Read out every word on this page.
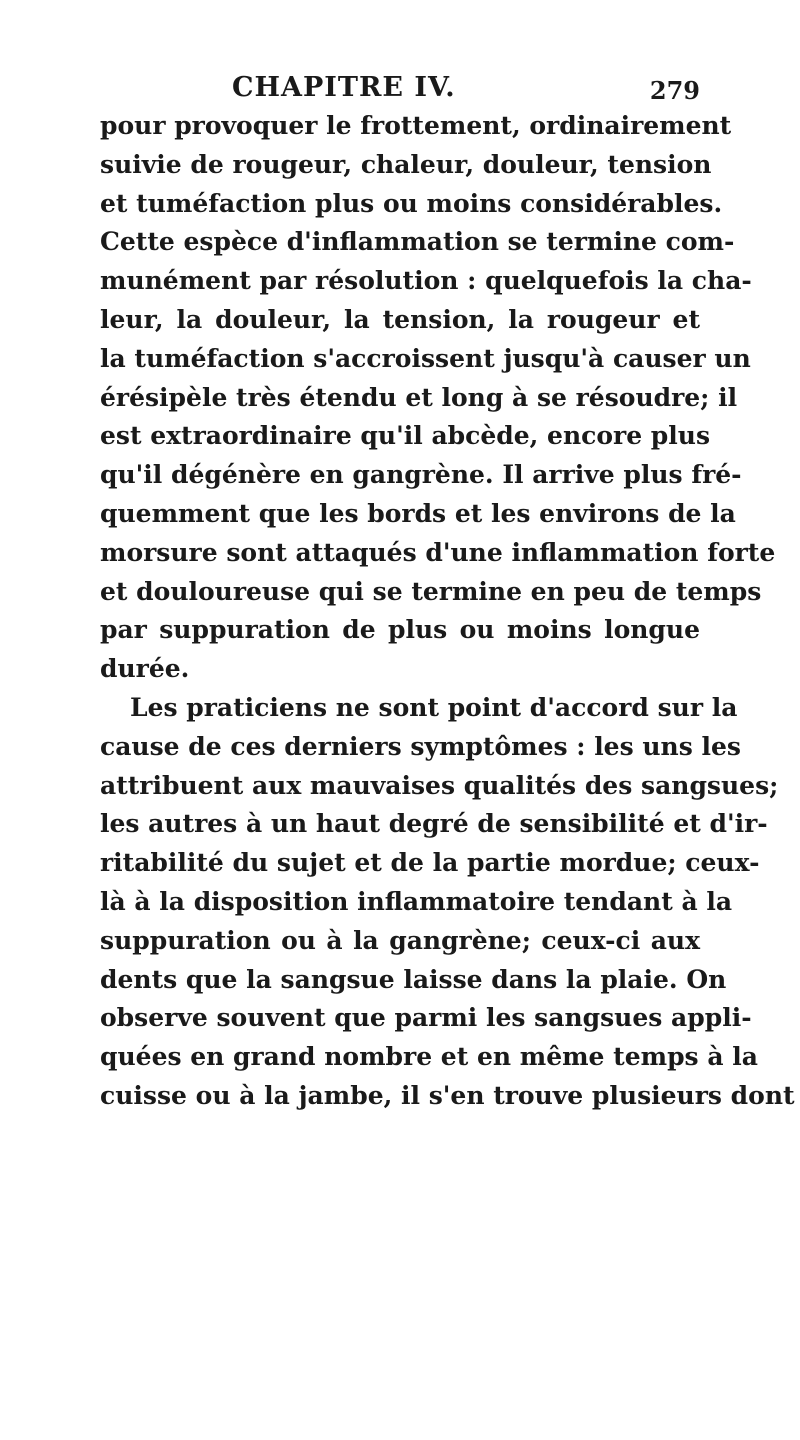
CHAPITRE IV.	279
pour provoquer le frottement, ordinairement
suivie de rougeur, chaleur, douleur, tension
et tuméfaction plus ou moins considérables.
Cette espèce d'inflammation se termine com-
munément par résolution : quelquefois la cha-
leur, la douleur, la tension, la rougeur et
la tuméfaction s'accroissent jusqu'à causer un
érésipèle très étendu et long à se résoudre; il
est extraordinaire qu'il abcède, encore plus
qu'il dégénère en gangrène. Il arrive plus fré-
quemment que les bords et les environs de la
morsure sont attaqués d'une inflammation forte
et douloureuse qui se termine en peu de temps
par suppuration de plus ou moins longue
durée.
Les praticiens ne sont point d'accord sur la
cause de ces derniers symptômes : les uns les
attribuent aux mauvaises qualités des sangsues;
les autres à un haut degré de sensibilité et d'ir-
ritabilité du sujet et de la partie mordue; ceux-
là à la disposition inflammatoire tendant à la
suppuration ou à la gangrène; ceux-ci aux
dents que la sangsue laisse dans la plaie. On
observe souvent que parmi les sangsues appli-
quées en grand nombre et en même temps à la
cuisse ou à la jambe, il s'en trouve plusieurs dont
